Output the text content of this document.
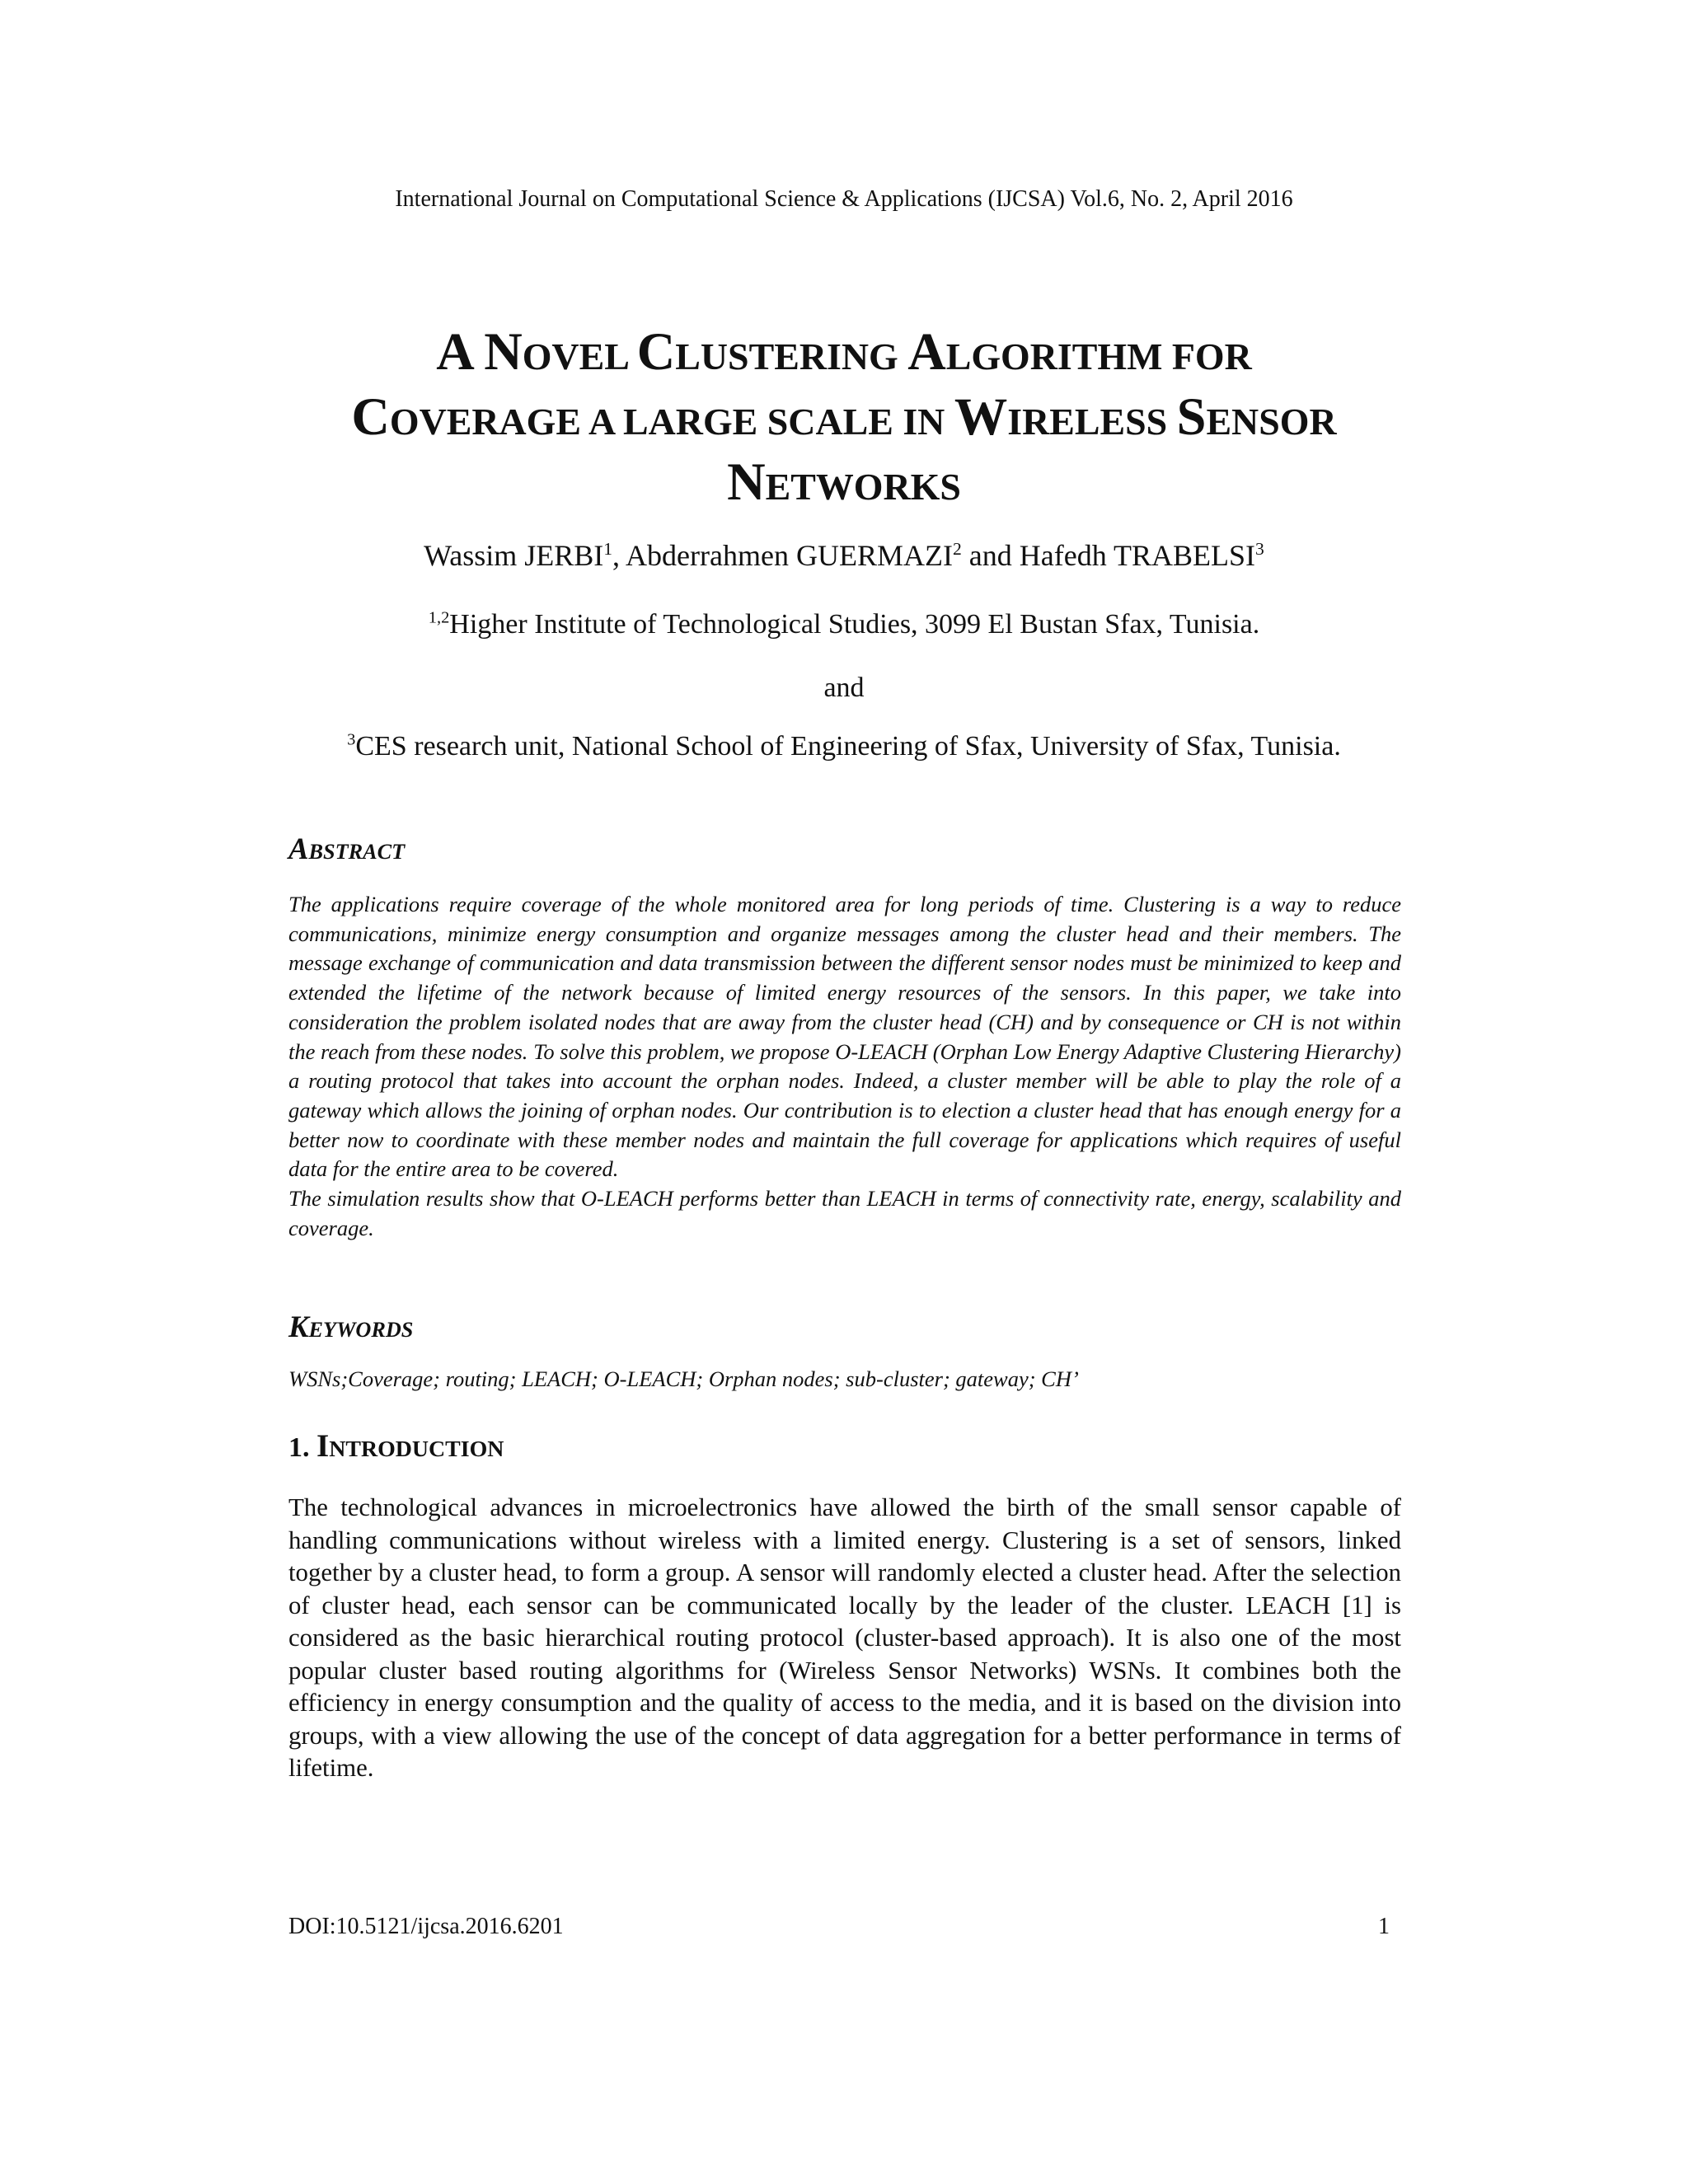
International Journal on Computational Science & Applications (IJCSA) Vol.6, No. 2, April 2016
A NOVEL CLUSTERING ALGORITHM FOR
COVERAGE A LARGE SCALE IN WIRELESS SENSOR
NETWORKS
Wassim JERBI$^1$, Abderrahmen GUERMAZI$^2$ and Hafedh TRABELSI$^3$
$^{1,2}$Higher Institute of Technological Studies, 3099 El Bustan Sfax, Tunisia.
and
$^3$CES research unit, National School of Engineering of Sfax, University of Sfax, Tunisia.
ABSTRACT
The applications require coverage of the whole monitored area for long periods of time. Clustering is a way to reduce communications, minimize energy consumption and organize messages among the cluster head and their members. The message exchange of communication and data transmission between the different sensor nodes must be minimized to keep and extended the lifetime of the network because of limited energy resources of the sensors. In this paper, we take into consideration the problem isolated nodes that are away from the cluster head (CH) and by consequence or CH is not within the reach from these nodes. To solve this problem, we propose O-LEACH (Orphan Low Energy Adaptive Clustering Hierarchy) a routing protocol that takes into account the orphan nodes. Indeed, a cluster member will be able to play the role of a gateway which allows the joining of orphan nodes. Our contribution is to election a cluster head that has enough energy for a better now to coordinate with these member nodes and maintain the full coverage for applications which requires of useful data for the entire area to be covered.
The simulation results show that O-LEACH performs better than LEACH in terms of connectivity rate, energy, scalability and coverage.
KEYWORDS
WSNs;Coverage; routing; LEACH; O-LEACH; Orphan nodes; sub-cluster; gateway; CH’
1. INTRODUCTION
The technological advances in microelectronics have allowed the birth of the small sensor capable of handling communications without wireless with a limited energy. Clustering is a set of sensors, linked together by a cluster head, to form a group. A sensor will randomly elected a cluster head. After the selection of cluster head, each sensor can be communicated locally by the leader of the cluster. LEACH [1] is considered as the basic hierarchical routing protocol (cluster-based approach). It is also one of the most popular cluster based routing algorithms for (Wireless Sensor Networks) WSNs. It combines both the efficiency in energy consumption and the quality of access to the media, and it is based on the division into groups, with a view allowing the use of the concept of data aggregation for a better performance in terms of lifetime.
DOI:10.5121/ijcsa.2016.6201	1
